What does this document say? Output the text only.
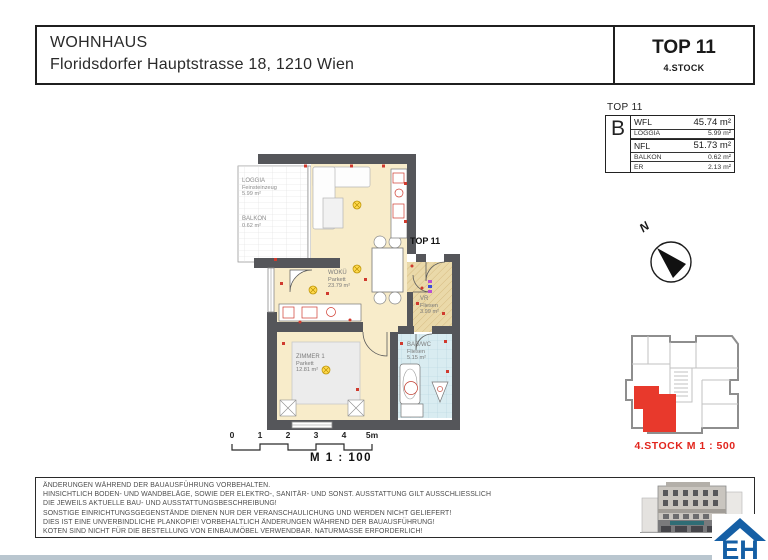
WOHNHAUS
Floridsdorfer Hauptstrasse 18, 1210 Wien
TOP 11
4.STOCK
TOP 11
B	WFL	45.74 m²
LOGGIA	5.99 m²
NFL	51.73 m²
BALKON	0.62 m²
ER	2.13 m²
N
LOGGIA
Feinsteinzeug
5.99 m²
BALKON
0.62 m²
WOKÜ
Parkett
23.79 m²
ZIMMER 1
Parkett
12.81 m²
BAD/WC
Fliesen
5.15 m²
VR
Fliesen
3.99 m²
TOP 11
0	1	2	3	4	5m
M 1 : 100
4.STOCK M 1 : 500
ÄNDERUNGEN WÄHREND DER BAUAUSFÜHRUNG VORBEHALTEN.
HINSICHTLICH BODEN- UND WANDBELÄGE, SOWIE DER ELEKTRO-, SANITÄR- UND SONST. AUSSTATTUNG GILT AUSSCHLIESSLICH
DIE JEWEILS AKTUELLE BAU- UND AUSSTATTUNGSBESCHREIBUNG!
SONSTIGE EINRICHTUNGSGEGENSTÄNDE DIENEN NUR DER VERANSCHAULICHUNG UND WERDEN NICHT GELIEFERT!
DIES IST EINE UNVERBINDLICHE PLANKOPIE! VORBEHALTLICH ÄNDERUNGEN WÄHREND DER BAUAUSFÜHRUNG!
KOTEN SIND NICHT FÜR DIE BESTELLUNG VON EINBAUMÖBEL VERWENDBAR. NATURMASSE ERFORDERLICH!
EH
